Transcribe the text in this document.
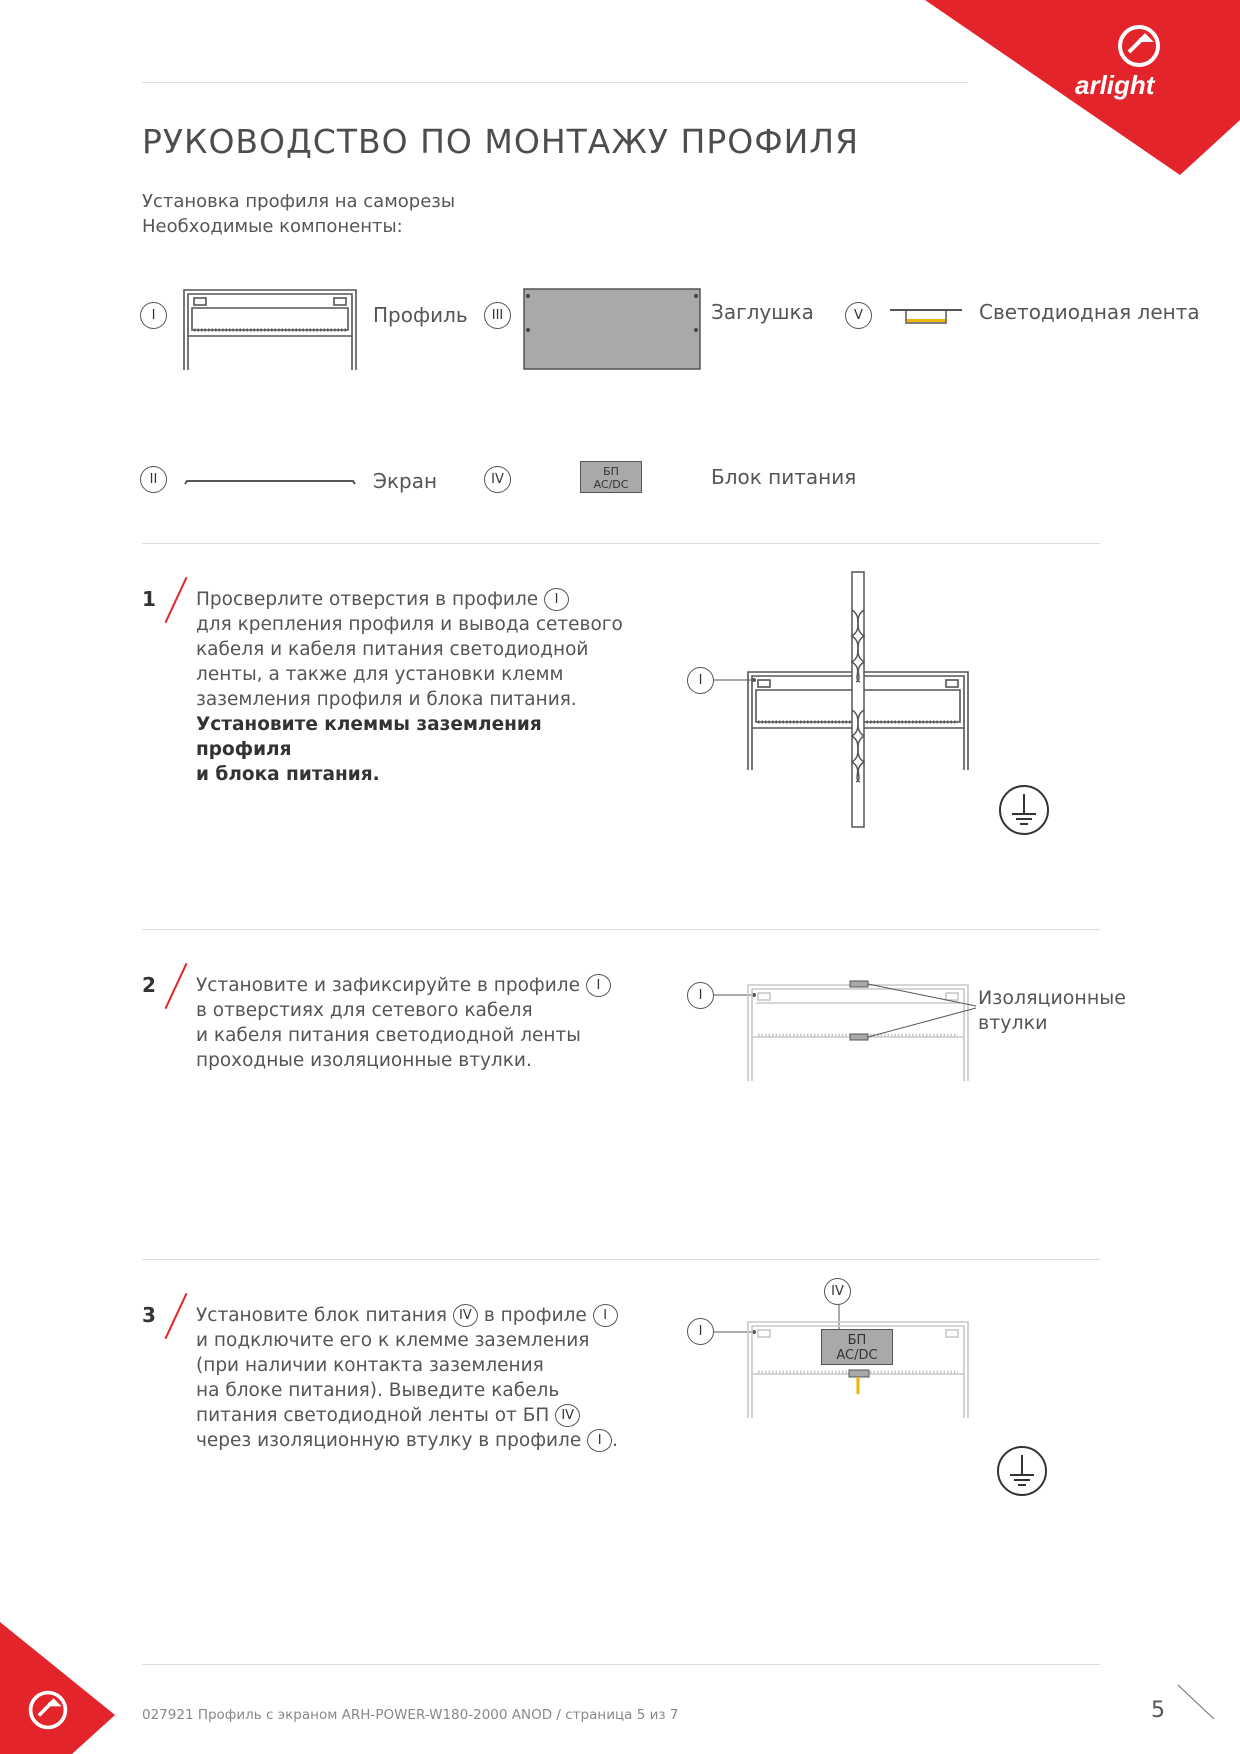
arlight
РУКОВОДСТВО ПО МОНТАЖУ ПРОФИЛЯ
Установка профиля на саморезы
Необходимые компоненты:
I	Профиль	III	Заглушка	V	Светодиодная лента
II	Экран	IV
БП
AC/DC	Блок питания
1 Просверлите отверстия в профиле I
для крепления профиля и вывода сетевого
кабеля и кабеля питания светодиодной
ленты, а также для установки клемм
заземления профиля и блока питания.
Установите клеммы заземления профиля
и блока питания.
I
2 Установите и зафиксируйте в профиле I
в отверстиях для сетевого кабеля
и кабеля питания светодиодной ленты
проходные изоляционные втулки.
I	Изоляционные
втулки
3 Установите блок питания IV в профиле I
и подключите его к клемме заземления
(при наличии контакта заземления
на блоке питания). Выведите кабель
питания светодиодной ленты от БП IV
через изоляционную втулку в профиле I .
IV
I
БП
AC/DC
027921 Профиль с экраном ARH-POWER-W180-2000 ANOD / страница 5 из 7	5
